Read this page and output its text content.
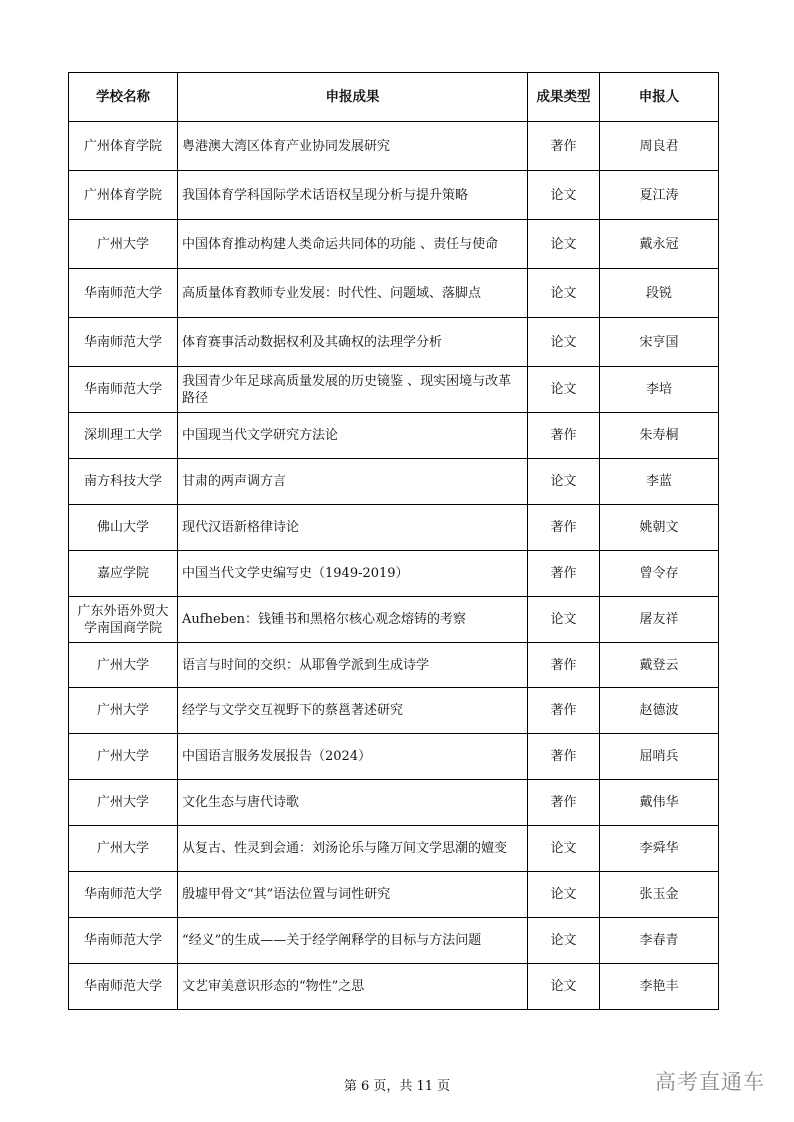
学校名称	申报成果	成果类型	申报人
广州体育学院	粤港澳大湾区体育产业协同发展研究	著作	周良君
广州体育学院	我国体育学科国际学术话语权呈现分析与提升策略	论文	夏江涛
广州大学	中国体育推动构建人类命运共同体的功能 、责任与使命	论文	戴永冠
华南师范大学	高质量体育教师专业发展：时代性、问题域、落脚点	论文	段锐
华南师范大学	体育赛事活动数据权利及其确权的法理学分析	论文	宋亨国
华南师范大学	我国青少年足球高质量发展的历史镜鉴 、现实困境与改革路径	论文	李培
深圳理工大学	中国现当代文学研究方法论	著作	朱寿桐
南方科技大学	甘肃的两声调方言	论文	李蓝
佛山大学	现代汉语新格律诗论	著作	姚朝文
嘉应学院	中国当代文学史编写史（1949-2019）	著作	曾令存
广东外语外贸大学南国商学院	Aufheben：钱锺书和黑格尔核心观念熔铸的考察	论文	屠友祥
广州大学	语言与时间的交织：从耶鲁学派到生成诗学	著作	戴登云
广州大学	经学与文学交互视野下的蔡邕著述研究	著作	赵德波
广州大学	中国语言服务发展报告（2024）	著作	屈哨兵
广州大学	文化生态与唐代诗歌	著作	戴伟华
广州大学	从复古、性灵到会通：刘汤论乐与隆万间文学思潮的嬗变	论文	李舜华
华南师范大学	殷墟甲骨文“其”语法位置与词性研究	论文	张玉金
华南师范大学	“经义”的生成——关于经学阐释学的目标与方法问题	论文	李春青
华南师范大学	文艺审美意识形态的“物性”之思	论文	李艳丰
第 6 页，共 11 页	高考直通车
